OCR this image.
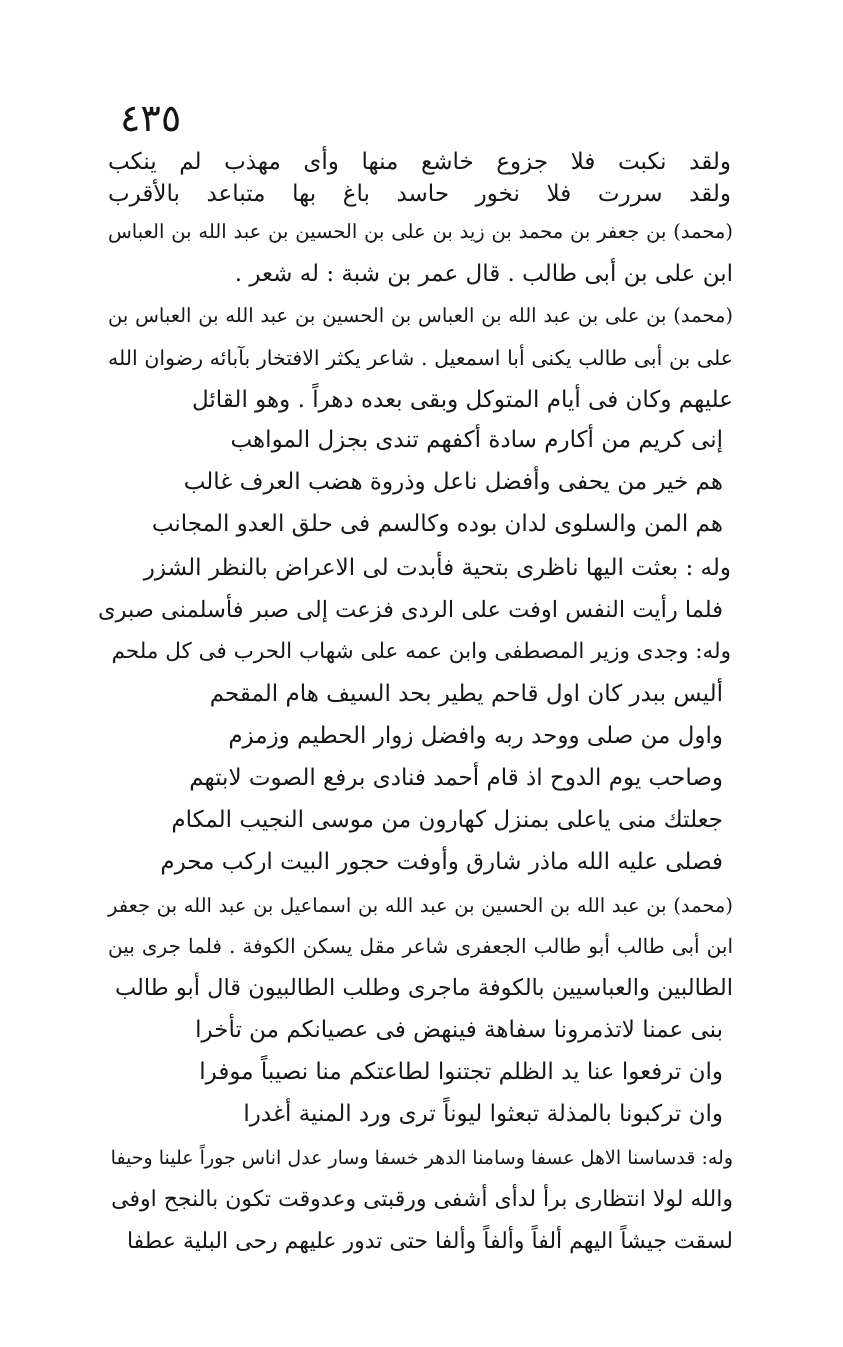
٤٣٥
ولقد نكبت فلا جزوع خاشع منها وأى مهذب لم ينكب
ولقد سررت فلا نخور حاسد باغ بها متباعد بالأقرب
(محمد) بن جعفر بن محمد بن زيد بن على بن الحسين بن عبد الله بن العباس
ابن على بن أبى طالب . قال عمر بن شبة : له شعر .
(محمد) بن على بن عبد الله بن العباس بن الحسين بن عبد الله بن العباس بن
على بن أبى طالب يكنى أبا اسمعيل . شاعر يكثر الافتخار بآبائه رضوان الله
عليهم وكان فى أيام المتوكل وبقى بعده دهراً . وهو القائل
إنى كريم من أكارم سادة أكفهم تندى بجزل المواهب
هم خير من يحفى وأفضل ناعل وذروة هضب العرف غالب
هم المن والسلوى لدان بوده وكالسم فى حلق العدو المجانب
وله : بعثت اليها ناظرى بتحية فأبدت لى الاعراض بالنظر الشزر
فلما رأيت النفس اوفت على الردى فزعت إلى صبر فأسلمنى صبرى
وله: وجدى وزير المصطفى وابن عمه على شهاب الحرب فى كل ملحم
أليس ببدر كان اول قاحم يطير بحد السيف هام المقحم
واول من صلى ووحد ربه وافضل زوار الحطيم وزمزم
وصاحب يوم الدوح اذ قام أحمد فنادى برفع الصوت لابتهم
جعلتك منى ياعلى بمنزل كهارون من موسى النجيب المكام
فصلى عليه الله ماذر شارق وأوفت حجور البيت اركب محرم
(محمد) بن عبد الله بن الحسين بن عبد الله بن اسماعيل بن عبد الله بن جعفر
ابن أبى طالب أبو طالب الجعفرى شاعر مقل يسكن الكوفة . فلما جرى بين
الطالبين والعباسيين بالكوفة ماجرى وطلب الطالبيون قال أبو طالب
بنى عمنا لاتذمرونا سفاهة فينهض فى عصيانكم من تأخرا
وان ترفعوا عنا يد الظلم تجتنوا لطاعتكم منا نصيباً موفرا
وان تركبونا بالمذلة تبعثوا ليوناً ترى ورد المنية أغدرا
وله: قدساسنا الاهل عسفا وسامنا الدهر خسفا وسار عدل اناس جوراً علينا وحيفا
والله لولا انتظارى برأ لدأى أشفى ورقبتى وعدوقت تكون بالنجح اوفى
لسقت جيشاً اليهم ألفاً وألفاً وألفا حتى تدور عليهم رحى البلية عطفا
